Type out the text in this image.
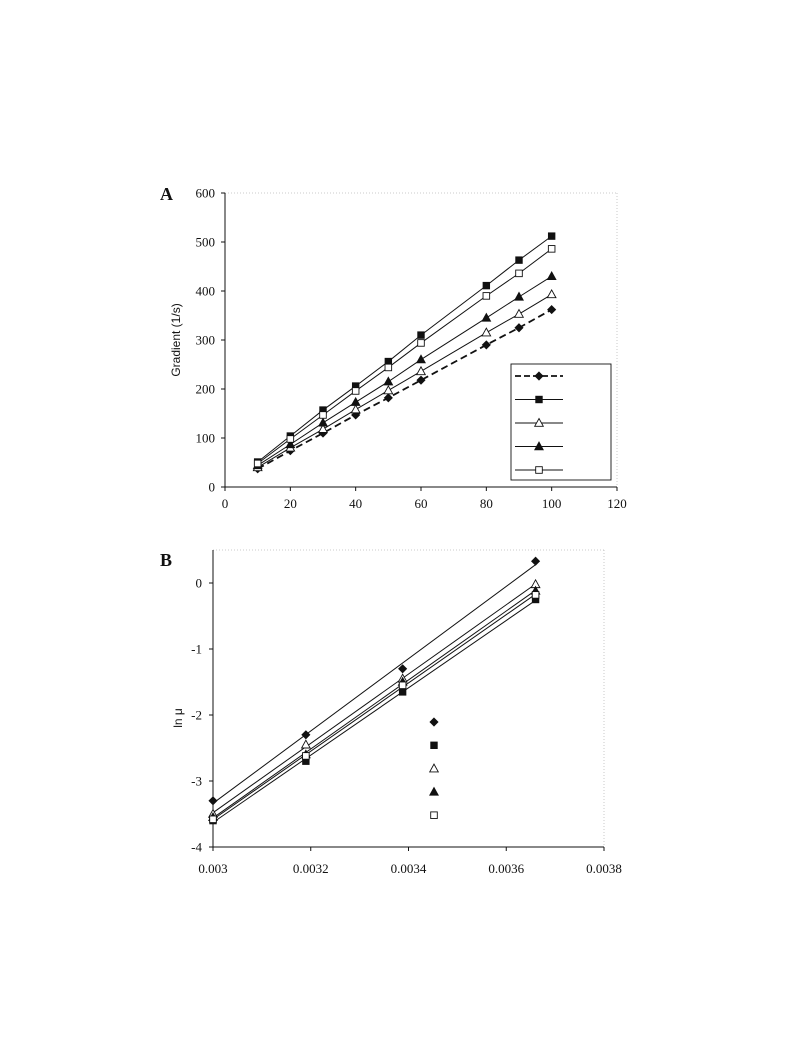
A
Gradient (1/s)
0
100
200
300
400
500
600
0	20	40	60	80	100	120
B
ln μ
0
-1
-2
-3
-4
0.003	0.0032	0.0034	0.0036	0.0038
